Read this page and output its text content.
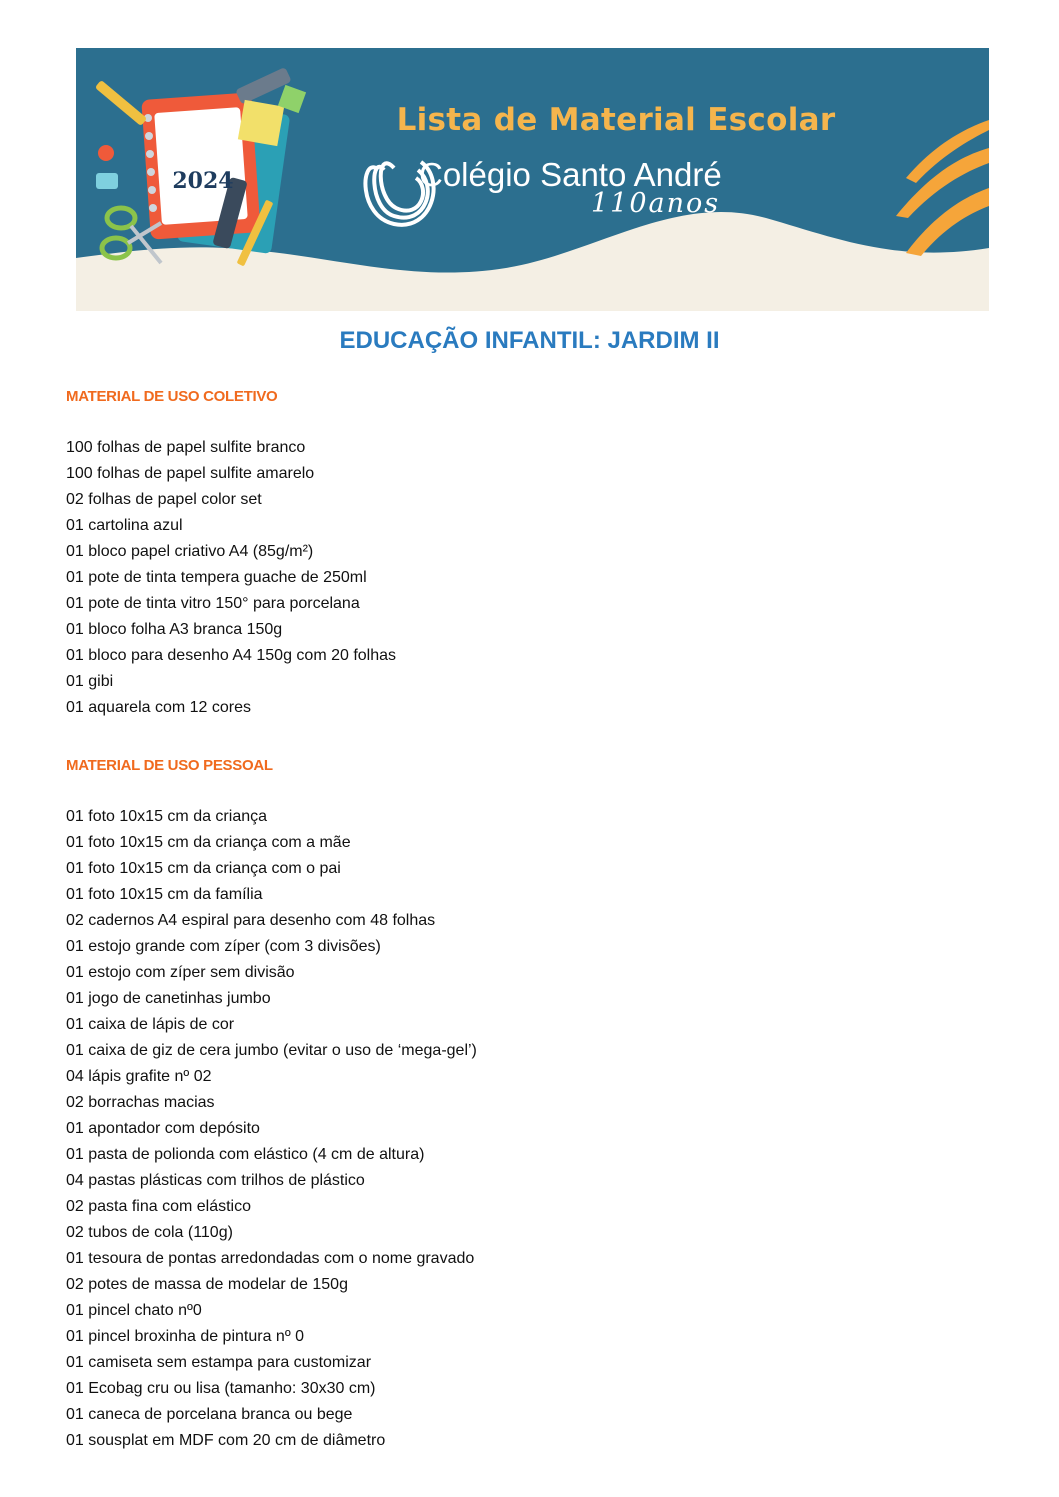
2024
Lista de Material Escolar
Colégio Santo André
110anos
EDUCAÇÃO INFANTIL: JARDIM II
MATERIAL DE USO COLETIVO
100 folhas de papel sulfite branco
100 folhas de papel sulfite amarelo
02 folhas de papel color set
01 cartolina azul
01 bloco papel criativo A4 (85g/m²)
01 pote de tinta tempera guache de 250ml
01 pote de tinta vitro 150° para porcelana
01 bloco folha A3 branca 150g
01 bloco para desenho A4 150g com 20 folhas
01 gibi
01 aquarela com 12 cores
MATERIAL DE USO PESSOAL
01 foto 10x15 cm da criança
01 foto 10x15 cm da criança com a mãe
01 foto 10x15 cm da criança com o pai
01 foto 10x15 cm da família
02 cadernos A4 espiral para desenho com 48 folhas
01 estojo grande com zíper (com 3 divisões)
01 estojo com zíper sem divisão
01 jogo de canetinhas jumbo
01 caixa de lápis de cor
01 caixa de giz de cera jumbo (evitar o uso de ‘mega-gel’)
04 lápis grafite nº 02
02 borrachas macias
01 apontador com depósito
01 pasta de polionda com elástico (4 cm de altura)
04 pastas plásticas com trilhos de plástico
02 pasta fina com elástico
02 tubos de cola (110g)
01 tesoura de pontas arredondadas com o nome gravado
02 potes de massa de modelar de 150g
01 pincel chato nº0
01 pincel broxinha de pintura nº 0
01 camiseta sem estampa para customizar
01 Ecobag cru ou lisa (tamanho: 30x30 cm)
01 caneca de porcelana branca ou bege
01 sousplat em MDF com 20 cm de diâmetro
